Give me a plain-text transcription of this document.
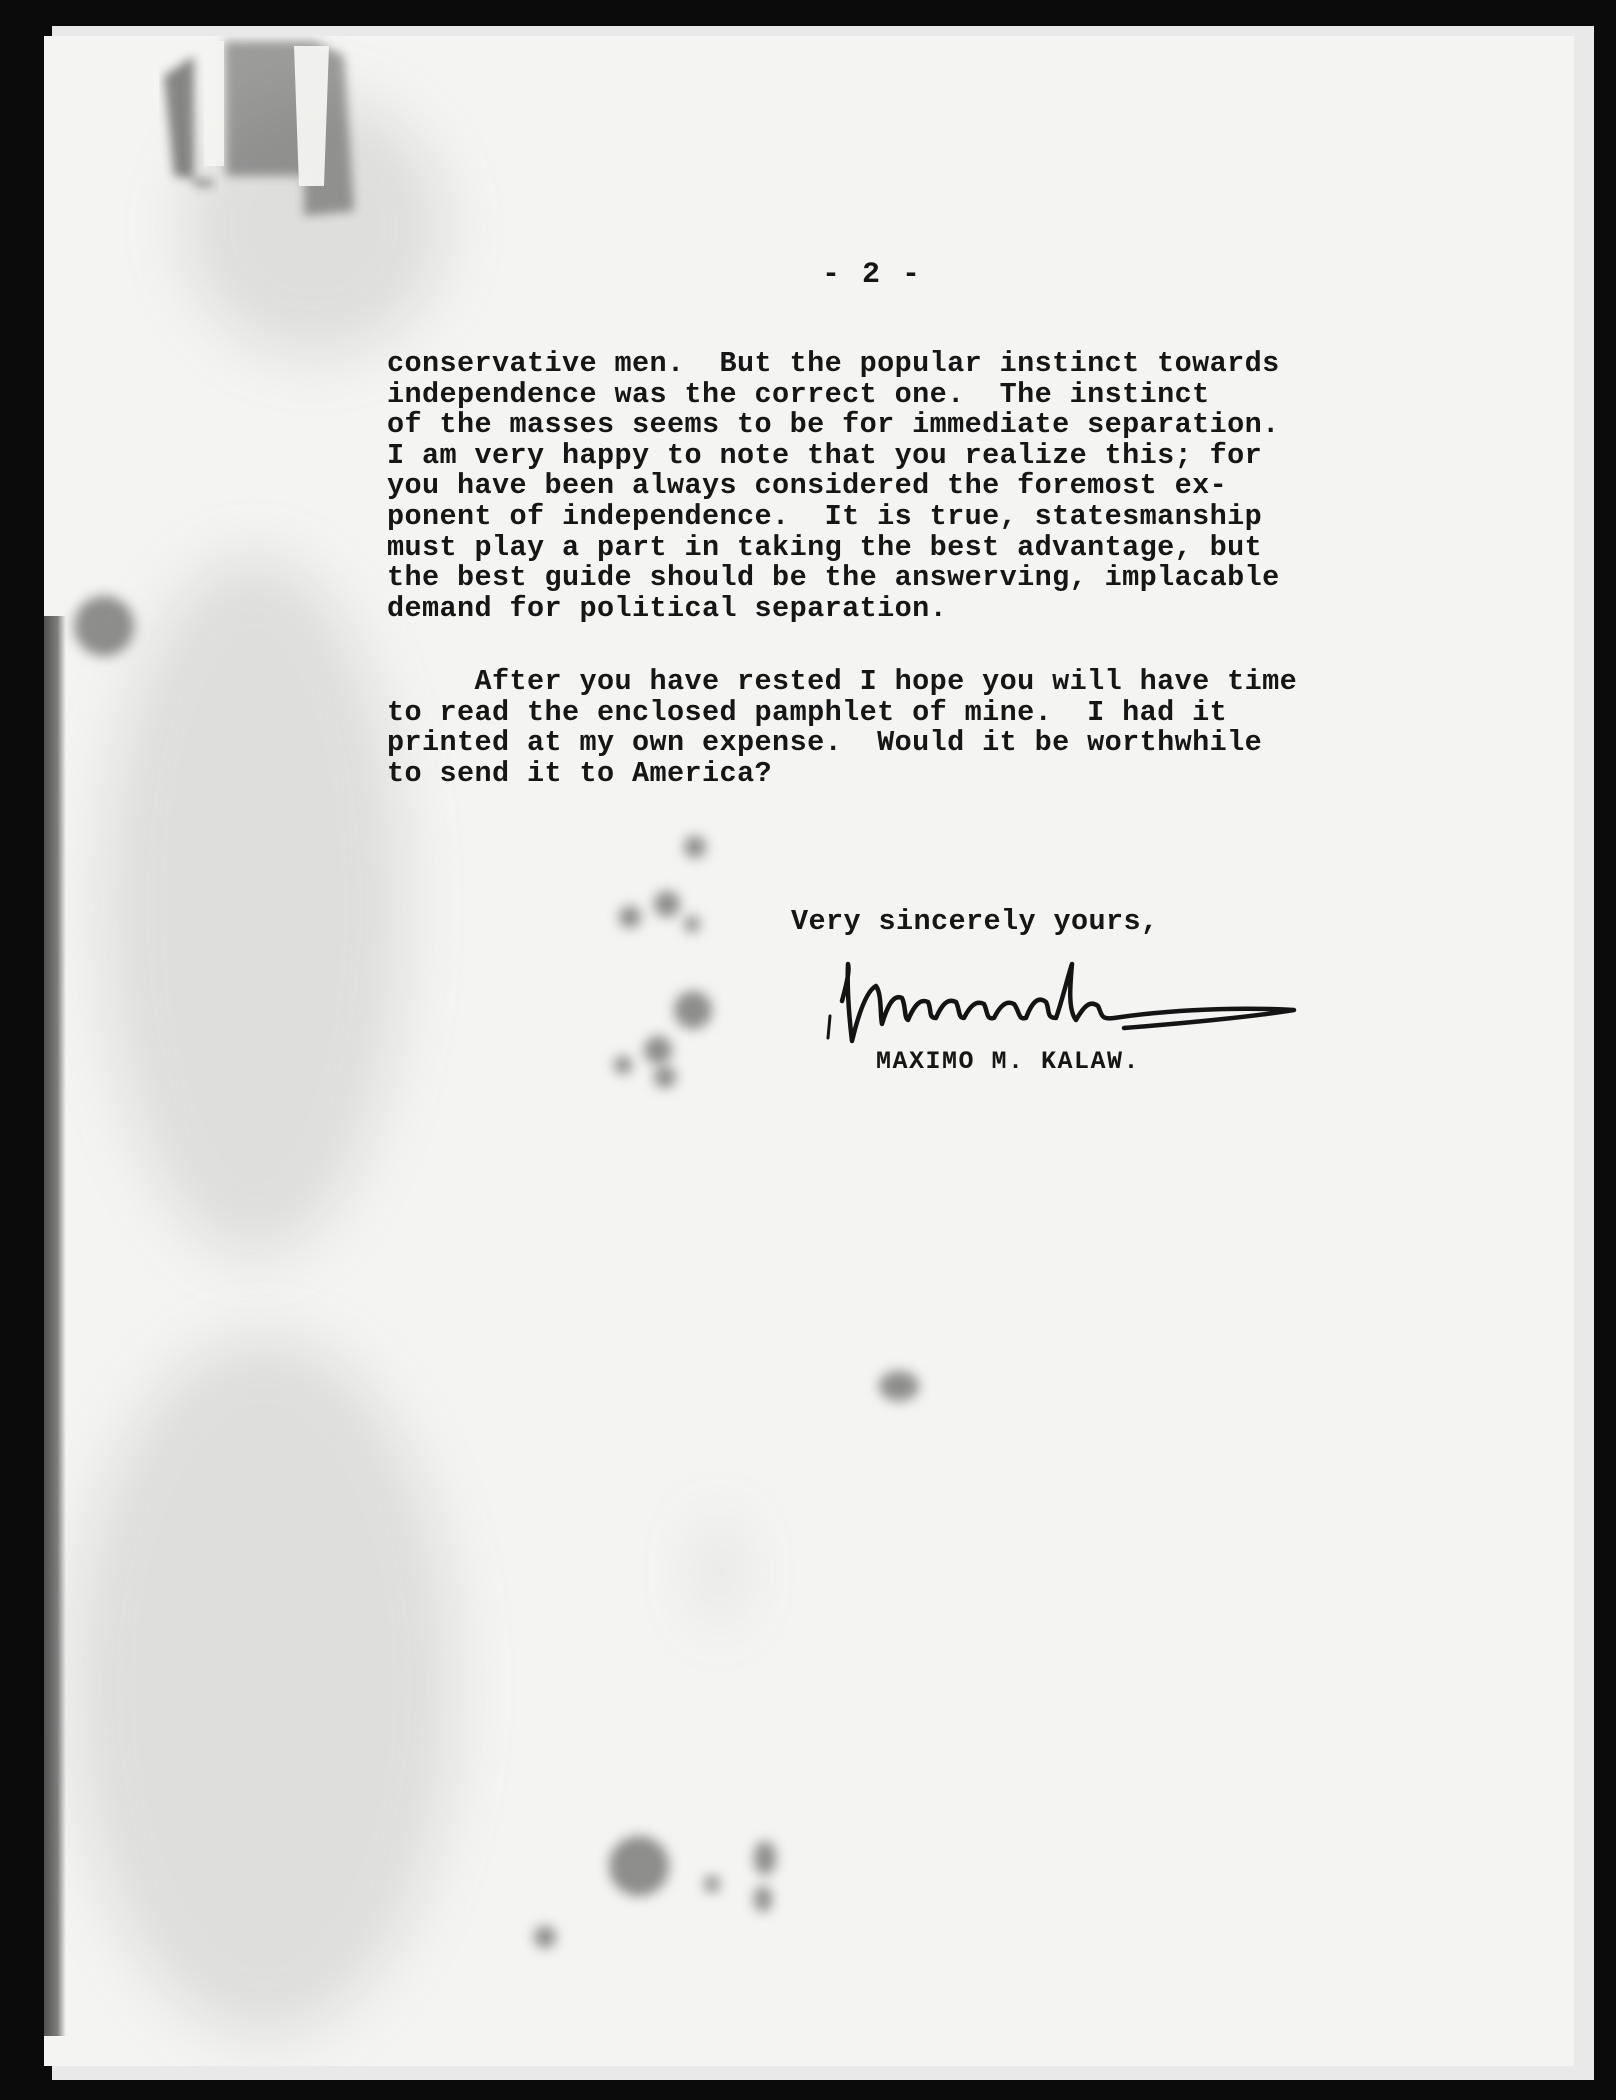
- 2 -

conservative men.  But the popular instinct towards
independence was the correct one.  The instinct
of the masses seems to be for immediate separation.
I am very happy to note that you realize this; for
you have been always considered the foremost ex-
ponent of independence.  It is true, statesmanship
must play a part in taking the best advantage, but
the best guide should be the answerving, implacable
demand for political separation.

After you have rested I hope you will have time
to read the enclosed pamphlet of mine.  I had it
printed at my own expense.  Would it be worthwhile
to send it to America?

Very sincerely yours,

MAXIMO M. KALAW.
